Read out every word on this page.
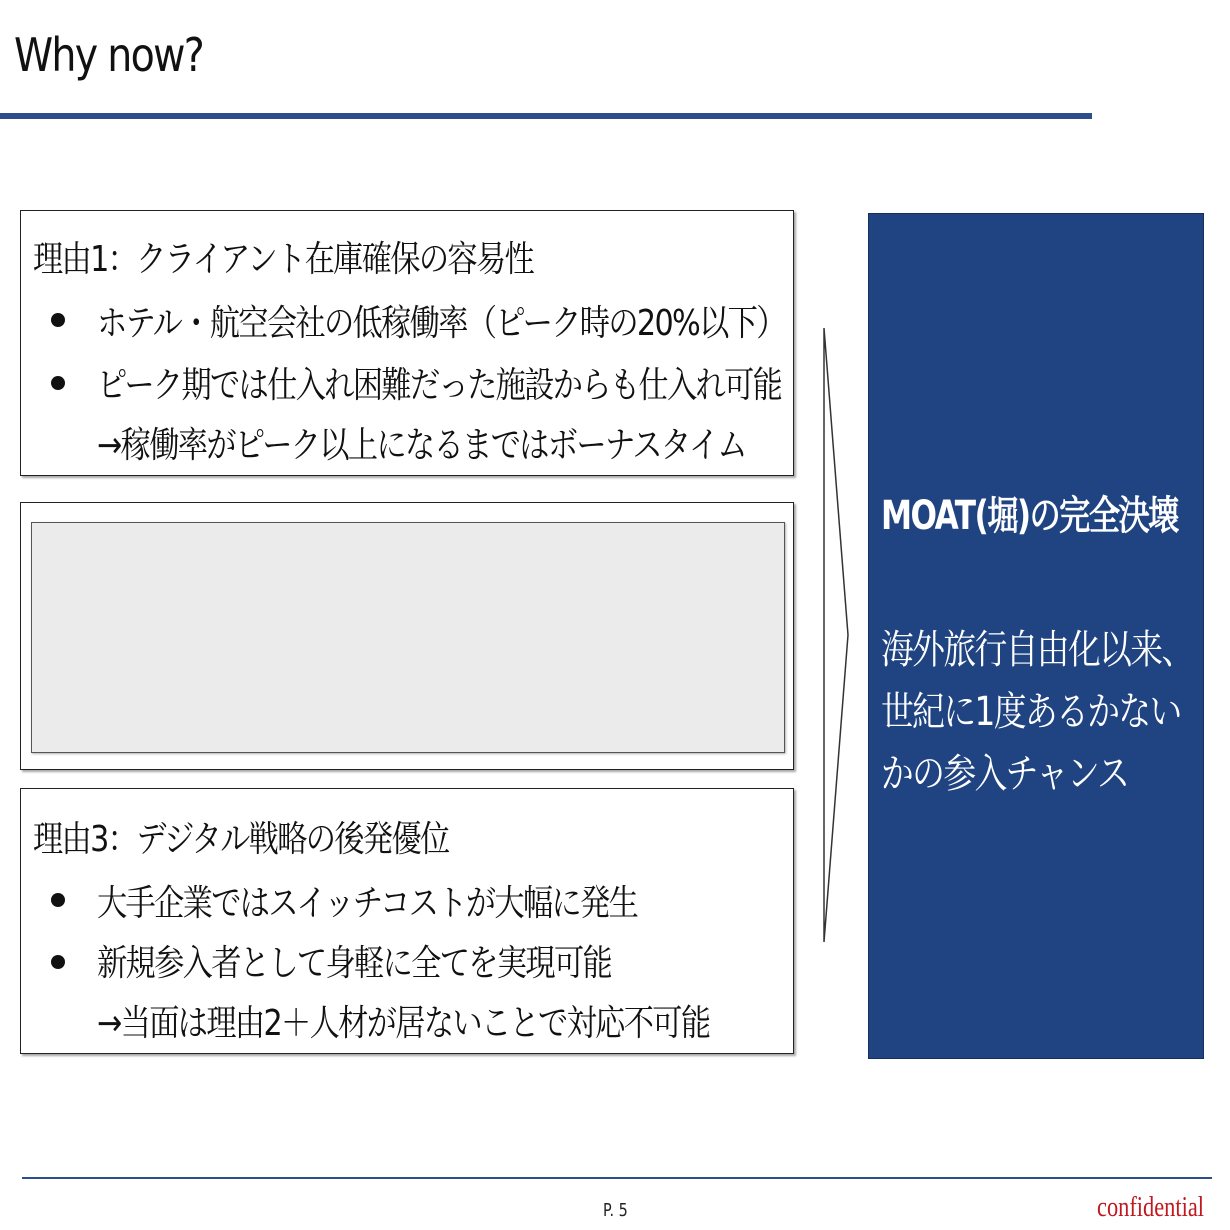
Why now?
理由1：クライアント在庫確保の容易性
ホテル・航空会社の低稼働率（ピーク時の20%以下）
ピーク期では仕入れ困難だった施設からも仕入れ可能
→稼働率がピーク以上になるまではボーナスタイム
理由3：デジタル戦略の後発優位
大手企業ではスイッチコストが大幅に発生
新規参入者として身軽に全てを実現可能
→当面は理由2＋人材が居ないことで対応不可能
MOAT(堀)の完全決壊
海外旅行自由化以来、
世紀に1度あるかない
かの参入チャンス
P. 5	confidential
